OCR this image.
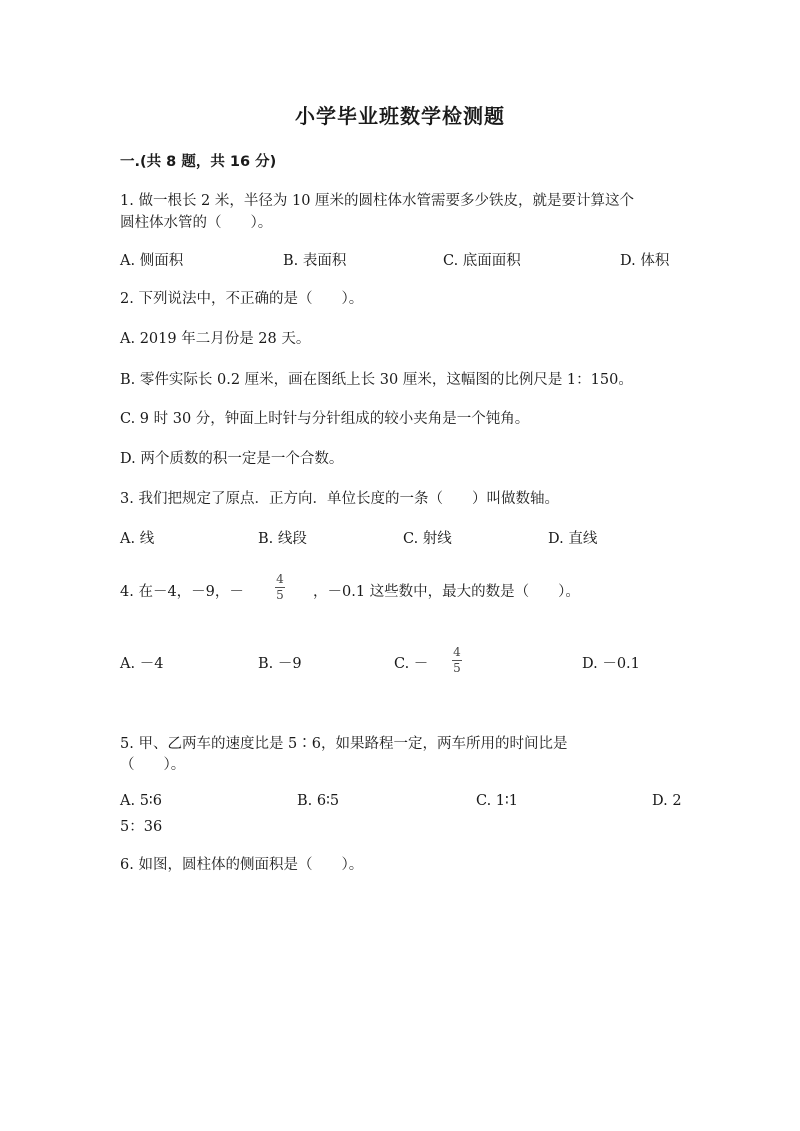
小学毕业班数学检测题
一.(共 8 题，共 16 分)
1. 做一根长 2 米，半径为 10 厘米的圆柱体水管需要多少铁皮，就是要计算这个
圆柱体水管的（　　）。
A. 侧面积	B. 表面积	C. 底面面积	D. 体积
2. 下列说法中，不正确的是（　　）。
A. 2019 年二月份是 28 天。
B. 零件实际长 0.2 厘米，画在图纸上长 30 厘米，这幅图的比例尺是 1：150。
C. 9 时 30 分，钟面上时针与分针组成的较小夹角是一个钝角。
D. 两个质数的积一定是一个合数。
3. 我们把规定了原点．正方向．单位长度的一条（　　）叫做数轴。
A. 线	B. 线段	C. 射线	D. 直线
4. 在－4，－9，－
4
5 ，－0.1 这些数中，最大的数是（　　）。
A. －4	B. －9	C. －
4
5	D. －0.1
5. 甲、乙两车的速度比是 5∶6，如果路程一定，两车所用的时间比是
（　　）。
A. 5∶6	B. 6∶5	C. 1∶1	D. 2
5：36
6. 如图，圆柱体的侧面积是（　　）。
